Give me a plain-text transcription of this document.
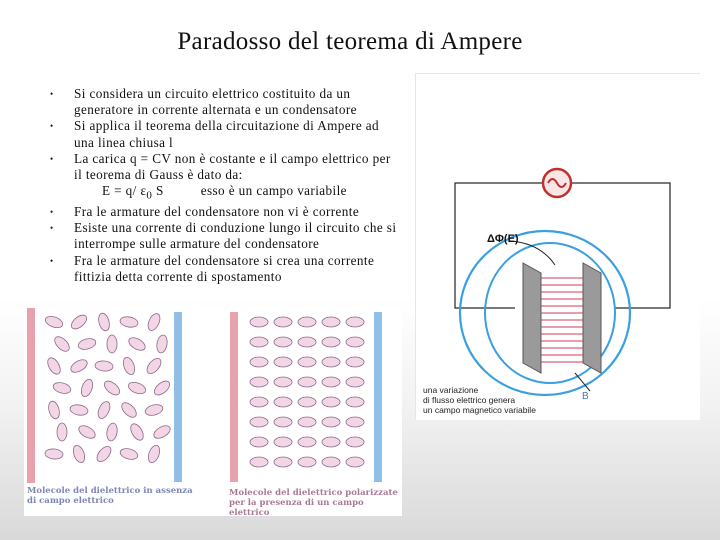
Paradosso del teorema di Ampere
• Si considera un circuito elettrico costituito da un generatore in corrente alternata e un condensatore
• Si applica il teorema della circuitazione di Ampere ad una linea chiusa l
• La carica q = CV non è costante e il campo elettrico per il teorema di Gauss è dato da:
E = q/ $\varepsilon_0$ S          esso è un campo variabile
• Fra le armature del condensatore non vi è corrente
• Esiste una corrente di conduzione lungo il circuito che si interrompe sulle armature del condensatore
• Fra le armature del condensatore si crea una corrente fittizia detta corrente di spostamento
ΔΦ(E)
una variazione
di flusso elettrico genera
un campo magnetico variabile
B
Molecole del dielettrico in assenza
di campo elettrico
Molecole del dielettrico polarizzate
per la presenza di un campo elettrico
